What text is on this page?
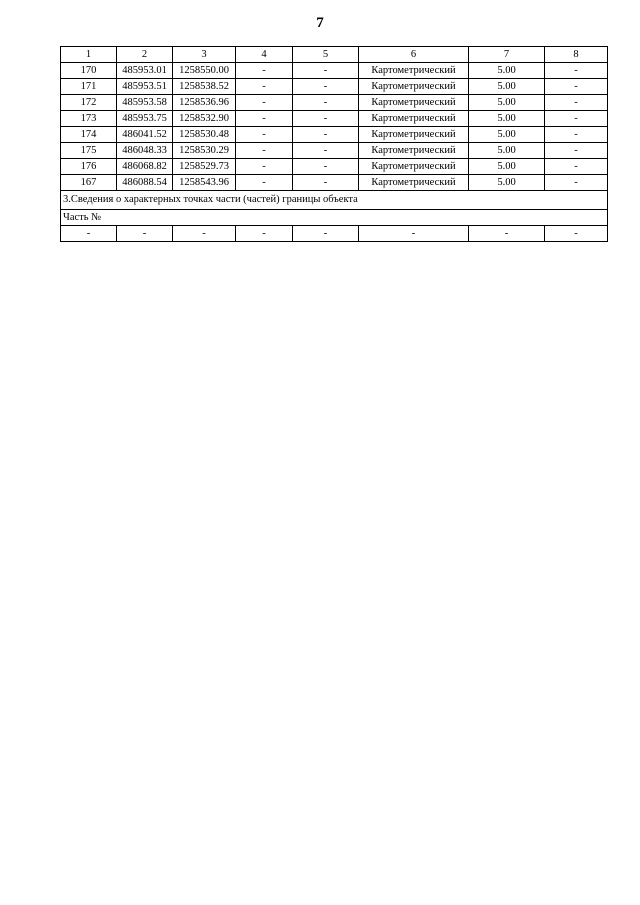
7
1	2	3	4	5	6	7	8
170	485953.01	1258550.00	-	-	Картометрический	5.00	-
171	485953.51	1258538.52	-	-	Картометрический	5.00	-
172	485953.58	1258536.96	-	-	Картометрический	5.00	-
173	485953.75	1258532.90	-	-	Картометрический	5.00	-
174	486041.52	1258530.48	-	-	Картометрический	5.00	-
175	486048.33	1258530.29	-	-	Картометрический	5.00	-
176	486068.82	1258529.73	-	-	Картометрический	5.00	-
167	486088.54	1258543.96	-	-	Картометрический	5.00	-
3.Сведения о характерных точках части (частей) границы объекта							
Часть №							
-	-	-	-	-	-	-	-
